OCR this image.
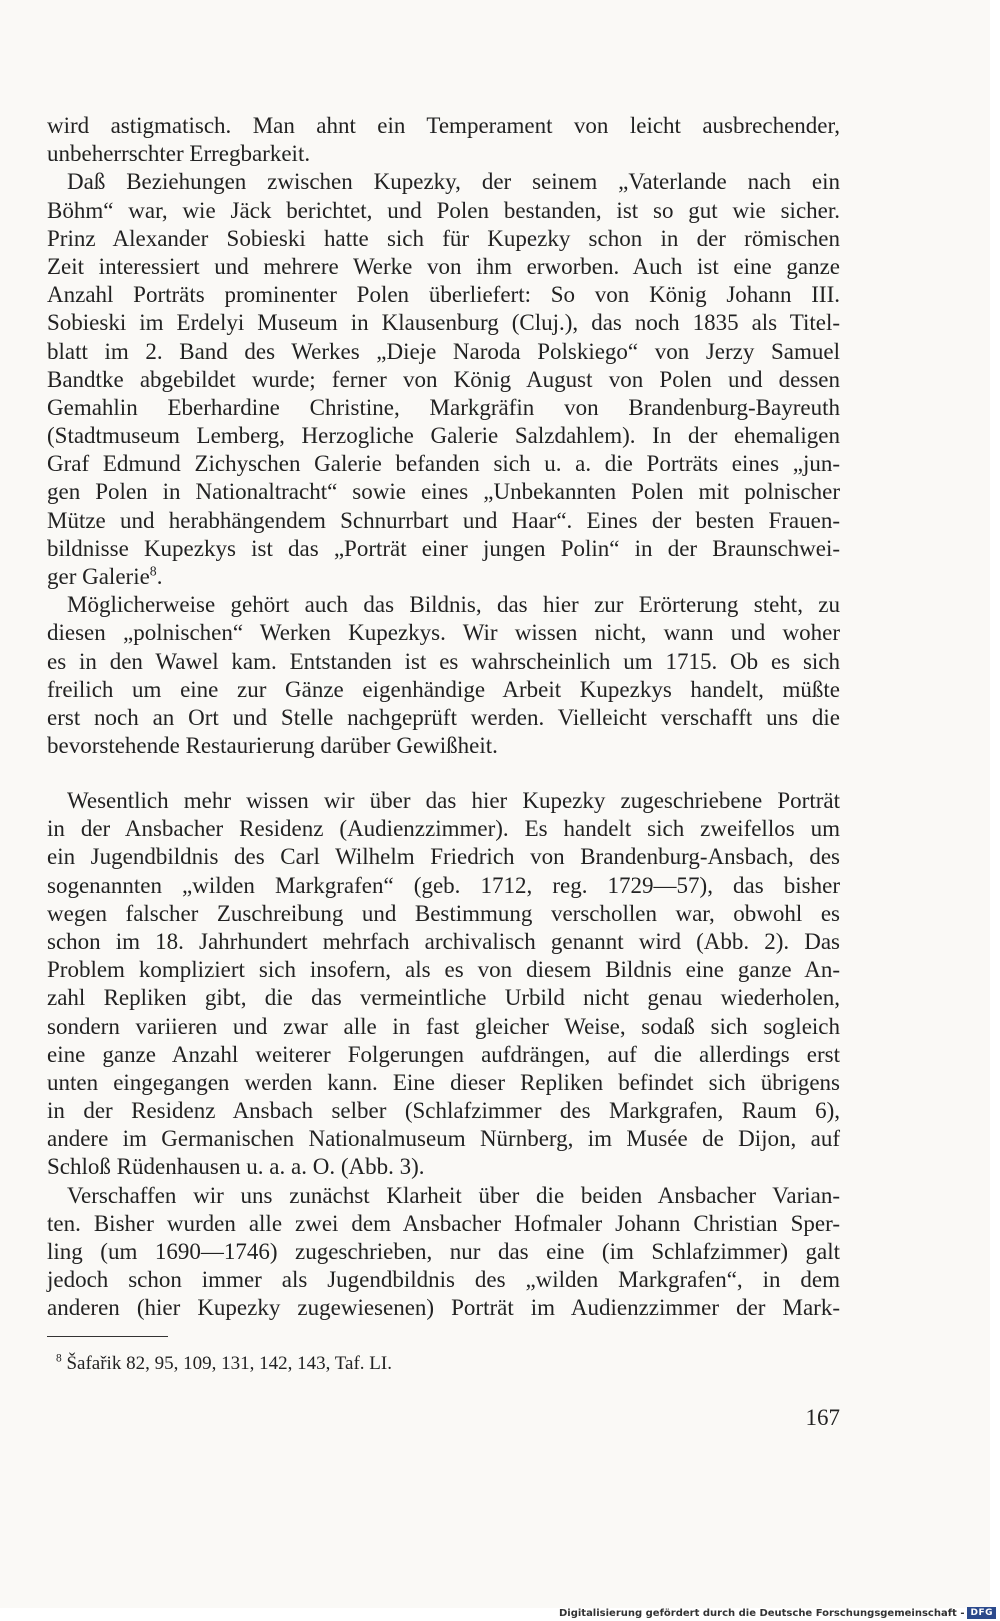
wird astigmatisch. Man ahnt ein Temperament von leicht ausbrechender,
unbeherrschter Erregbarkeit.
Daß Beziehungen zwischen Kupezky, der seinem „Vaterlande nach ein
Böhm“ war, wie Jäck berichtet, und Polen bestanden, ist so gut wie sicher.
Prinz Alexander Sobieski hatte sich für Kupezky schon in der römischen
Zeit interessiert und mehrere Werke von ihm erworben. Auch ist eine ganze
Anzahl Porträts prominenter Polen überliefert: So von König Johann III.
Sobieski im Erdelyi Museum in Klausenburg (Cluj.), das noch 1835 als Titel-
blatt im 2. Band des Werkes „Dieje Naroda Polskiego“ von Jerzy Samuel
Bandtke abgebildet wurde; ferner von König August von Polen und dessen
Gemahlin Eberhardine Christine, Markgräfin von Brandenburg-Bayreuth
(Stadtmuseum Lemberg, Herzogliche Galerie Salzdahlem). In der ehemaligen
Graf Edmund Zichyschen Galerie befanden sich u. a. die Porträts eines „jun-
gen Polen in Nationaltracht“ sowie eines „Unbekannten Polen mit polnischer
Mütze und herabhängendem Schnurrbart und Haar“. Eines der besten Frauen-
bildnisse Kupezkys ist das „Porträt einer jungen Polin“ in der Braunschwei-
ger Galerie$^8$.
Möglicherweise gehört auch das Bildnis, das hier zur Erörterung steht, zu
diesen „polnischen“ Werken Kupezkys. Wir wissen nicht, wann und woher
es in den Wawel kam. Entstanden ist es wahrscheinlich um 1715. Ob es sich
freilich um eine zur Gänze eigenhändige Arbeit Kupezkys handelt, müßte
erst noch an Ort und Stelle nachgeprüft werden. Vielleicht verschafft uns die
bevorstehende Restaurierung darüber Gewißheit.
Wesentlich mehr wissen wir über das hier Kupezky zugeschriebene Porträt
in der Ansbacher Residenz (Audienzzimmer). Es handelt sich zweifellos um
ein Jugendbildnis des Carl Wilhelm Friedrich von Brandenburg-Ansbach, des
sogenannten „wilden Markgrafen“ (geb. 1712, reg. 1729—57), das bisher
wegen falscher Zuschreibung und Bestimmung verschollen war, obwohl es
schon im 18. Jahrhundert mehrfach archivalisch genannt wird (Abb. 2). Das
Problem kompliziert sich insofern, als es von diesem Bildnis eine ganze An-
zahl Repliken gibt, die das vermeintliche Urbild nicht genau wiederholen,
sondern variieren und zwar alle in fast gleicher Weise, sodaß sich sogleich
eine ganze Anzahl weiterer Folgerungen aufdrängen, auf die allerdings erst
unten eingegangen werden kann. Eine dieser Repliken befindet sich übrigens
in der Residenz Ansbach selber (Schlafzimmer des Markgrafen, Raum 6),
andere im Germanischen Nationalmuseum Nürnberg, im Musée de Dijon, auf
Schloß Rüdenhausen u. a. a. O. (Abb. 3).
Verschaffen wir uns zunächst Klarheit über die beiden Ansbacher Varian-
ten. Bisher wurden alle zwei dem Ansbacher Hofmaler Johann Christian Sper-
ling (um 1690—1746) zugeschrieben, nur das eine (im Schlafzimmer) galt
jedoch schon immer als Jugendbildnis des „wilden Markgrafen“, in dem
anderen (hier Kupezky zugewiesenen) Porträt im Audienzzimmer der Mark-
$^8$ Šafařik 82, 95, 109, 131, 142, 143, Taf. LI.
167
Digitalisierung gefördert durch die Deutsche Forschungsgemeinschaft - DFG
